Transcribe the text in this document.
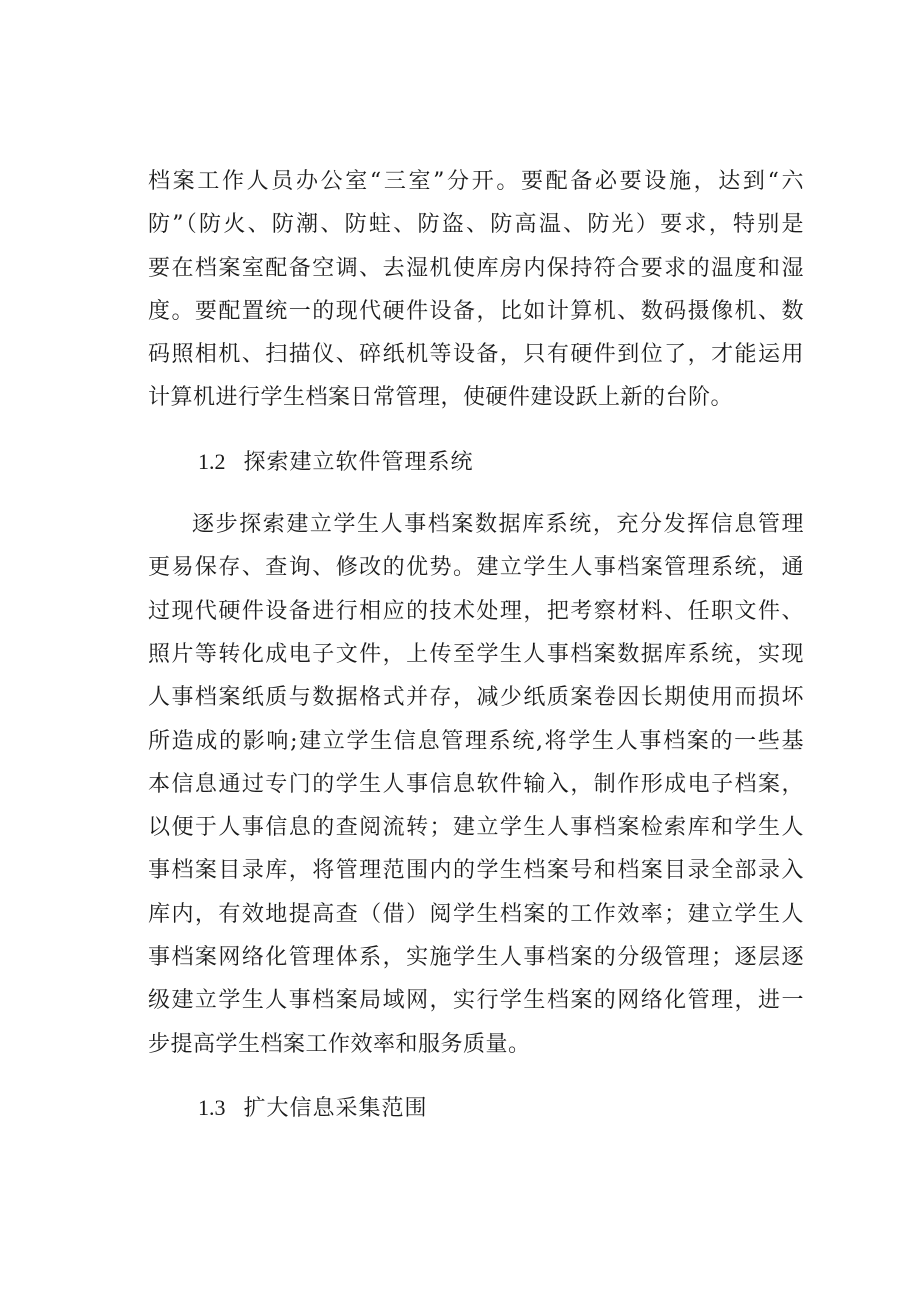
档案工作人员办公室“三室”分开。要配备必要设施，达到“六
防”（防火、防潮、防蛀、防盗、防高温、防光）要求，特别是
要在档案室配备空调、去湿机使库房内保持符合要求的温度和湿
度。要配置统一的现代硬件设备，比如计算机、数码摄像机、数
码照相机、扫描仪、碎纸机等设备，只有硬件到位了，才能运用
计算机进行学生档案日常管理，使硬件建设跃上新的台阶。
1.2 探索建立软件管理系统
逐步探索建立学生人事档案数据库系统，充分发挥信息管理
更易保存、查询、修改的优势。建立学生人事档案管理系统，通
过现代硬件设备进行相应的技术处理，把考察材料、任职文件、
照片等转化成电子文件，上传至学生人事档案数据库系统，实现
人事档案纸质与数据格式并存，减少纸质案卷因长期使用而损坏
所造成的影响;建立学生信息管理系统,将学生人事档案的一些基
本信息通过专门的学生人事信息软件输入，制作形成电子档案，
以便于人事信息的查阅流转；建立学生人事档案检索库和学生人
事档案目录库，将管理范围内的学生档案号和档案目录全部录入
库内，有效地提高查（借）阅学生档案的工作效率；建立学生人
事档案网络化管理体系，实施学生人事档案的分级管理；逐层逐
级建立学生人事档案局域网，实行学生档案的网络化管理，进一
步提高学生档案工作效率和服务质量。
1.3 扩大信息采集范围
